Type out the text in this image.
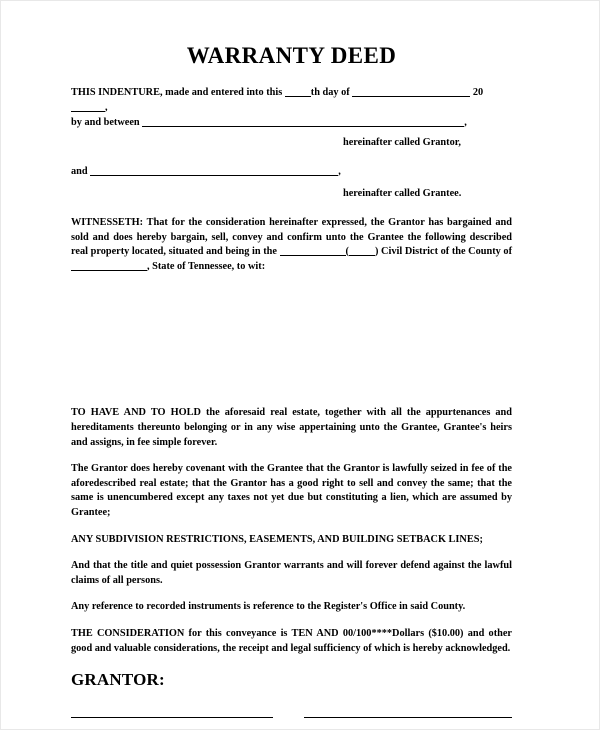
WARRANTY DEED

THIS INDENTURE, made and entered into this	th day of	20,

by and between	,

hereinafter called Grantor,

and	,

hereinafter called Grantee.

WITNESSETH: That for the consideration hereinafter expressed, the Grantor has bargained and sold and does hereby bargain, sell, convey and confirm unto the Grantee the following described real property located, situated and being in the	(	) Civil District of the County of , State of Tennessee, to wit:

TO HAVE AND TO HOLD the aforesaid real estate, together with all the appurtenances and hereditaments thereunto belonging or in any wise appertaining unto the Grantee, Grantee's heirs and assigns, in fee simple forever.

The Grantor does hereby covenant with the Grantee that the Grantor is lawfully seized in fee of the aforedescribed real estate; that the Grantor has a good right to sell and convey the same; that the same is unencumbered except any taxes not yet due but constituting a lien, which are assumed by Grantee;

ANY SUBDIVISION RESTRICTIONS, EASEMENTS, AND BUILDING SETBACK LINES;

And that the title and quiet possession Grantor warrants and will forever defend against the lawful claims of all persons.

Any reference to recorded instruments is reference to the Register's Office in said County.

THE CONSIDERATION for this conveyance is TEN AND 00/100****Dollars ($10.00) and other good and valuable considerations, the receipt and legal sufficiency of which is hereby acknowledged.

GRANTOR:
